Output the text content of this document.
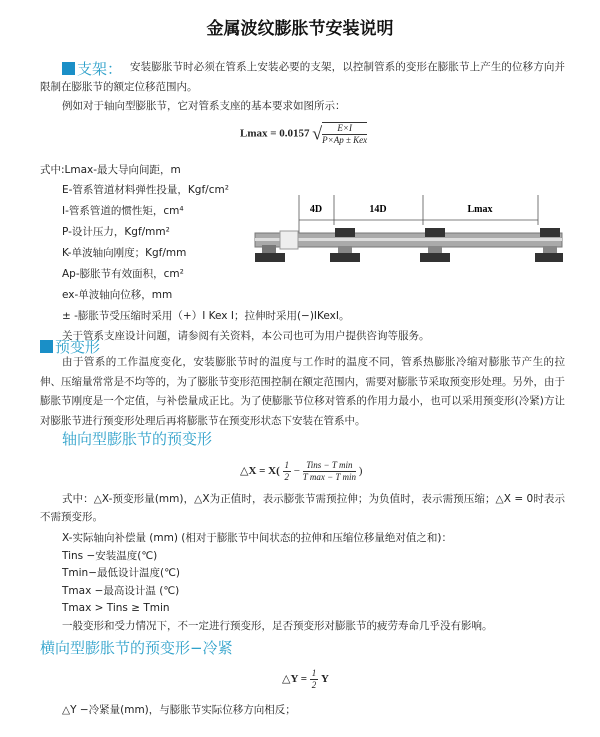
金属波纹膨胀节安装说明
支架： 安装膨胀节时必须在管系上安装必要的支架，以控制管系的变形在膨胀节上产生的位移方向并限制在膨胀节的额定位移范围内。
例如对于轴向型膨胀节，它对管系支座的基本要求如图所示：
Lmax = 0.0157 √ $\frac{E\times I}{\text{P×Ap ± Kex}}$
式中:Lmax-最大导向间距，m
E-管系管道材料弹性投量，Kgf/cm²
I-管系管道的惯性矩，cm⁴
P-设计压力，Kgf/mm²
K-单波轴向刚度；Kgf/mm
Ap-膨胀节有效面积，cm²
ex-单波轴向位移，mm
± -膨胀节受压缩时采用（+）I Kex I；拉伸时采用(−)IKexI。
关于管系支座设计问题，请参阅有关资料，本公司也可为用户提供咨询等服务。
4D	14D	Lmax
预变形
由于管系的工作温度变化，安装膨胀节时的温度与工作时的温度不同，管系热膨胀冷缩对膨胀节产生的拉伸、压缩量常常是不均等的，为了膨胀节变形范围控制在额定范围内，需要对膨胀节采取预变形处理。另外，由于膨胀节刚度是一个定值，与补偿量成正比。为了使膨胀节位移对管系的作用力最小，也可以采用预变形(冷紧)方让对膨胀节进行预变形处理后再将膨胀节在预变形状态下安装在管系中。
轴向型膨胀节的预变形
△X = $X( \frac{1}{2} - \frac{\text{Tins − T min}}{\text{T max − T min}}$ )
式中：△X-预变形量(mm)，△X为正值时，表示膨张节需预拉伸；为负值时，表示需预压缩；△X = 0时表示不需预变形。
X-实际轴向补偿量 (mm) (相对于膨胀节中间状态的拉伸和压缩位移量绝对值之和)：
Tins −安装温度(℃)
Tmin−最低设计温度(℃)
Tmax −最高设计温 (℃)
Tmax > Tins ≥ Tmin
一般变形和受力情况下，不一定进行预变形，足否预变形对膨胀节的疲劳寿命几乎没有影响。
横向型膨胀节的预变形−冷紧
△Y = $\frac{1}{2}$ Y
△Y −冷紧量(mm)，与膨胀节实际位移方向相反；
